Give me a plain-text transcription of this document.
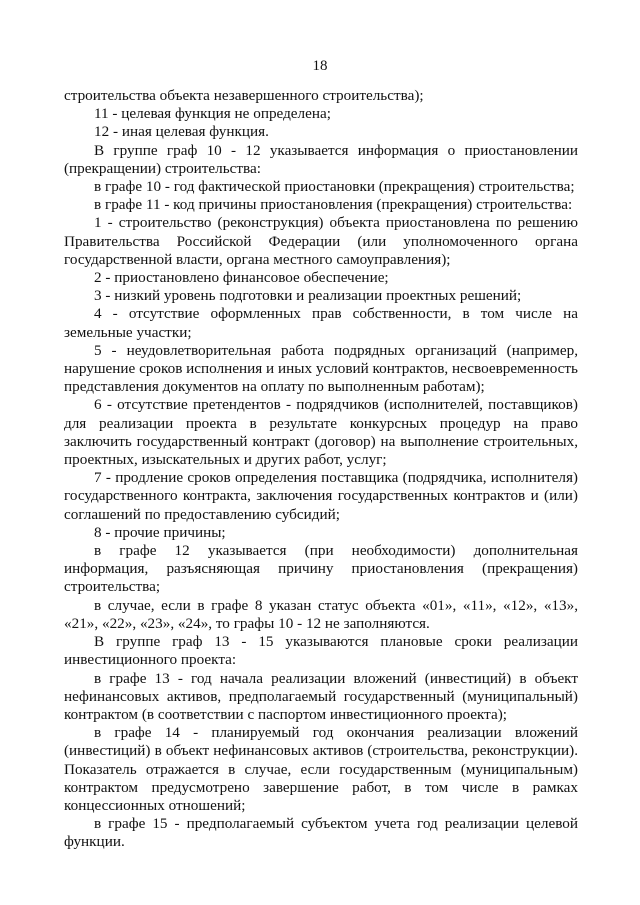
18

строительства объекта незавершенного строительства);

11 - целевая функция не определена;

12 - иная целевая функция.

В группе граф 10 - 12 указывается информация о приостановлении (прекращении) строительства:

в графе 10 - год фактической приостановки (прекращения) строительства;

в графе 11 - код причины приостановления (прекращения) строительства:

1 - строительство (реконструкция) объекта приостановлена по решению Правительства Российской Федерации (или уполномоченного органа государственной власти, органа местного самоуправления);

2 - приостановлено финансовое обеспечение;

3 - низкий уровень подготовки и реализации проектных решений;

4 - отсутствие оформленных прав собственности, в том числе на земельные участки;

5 - неудовлетворительная работа подрядных организаций (например, нарушение сроков исполнения и иных условий контрактов, несвоевременность представления документов на оплату по выполненным работам);

6 - отсутствие претендентов - подрядчиков (исполнителей, поставщиков) для реализации проекта в результате конкурсных процедур на право заключить государственный контракт (договор) на выполнение строительных, проектных, изыскательных и других работ, услуг;

7 - продление сроков определения поставщика (подрядчика, исполнителя) государственного контракта, заключения государственных контрактов и (или) соглашений по предоставлению субсидий;

8 - прочие причины;

в графе 12 указывается (при необходимости) дополнительная информация, разъясняющая причину приостановления (прекращения) строительства;

в случае, если в графе 8 указан статус объекта «01», «11», «12», «13», «21», «22», «23», «24», то графы 10 - 12 не заполняются.

В группе граф 13 - 15 указываются плановые сроки реализации инвестиционного проекта:

в графе 13 - год начала реализации вложений (инвестиций) в объект нефинансовых активов, предполагаемый государственный (муниципальный) контрактом (в соответствии с паспортом инвестиционного проекта);

в графе 14 - планируемый год окончания реализации вложений (инвестиций) в объект нефинансовых активов (строительства, реконструкции). Показатель отражается в случае, если государственным (муниципальным) контрактом предусмотрено завершение работ, в том числе в рамках концессионных отношений;

в графе 15 - предполагаемый субъектом учета год реализации целевой функции.
